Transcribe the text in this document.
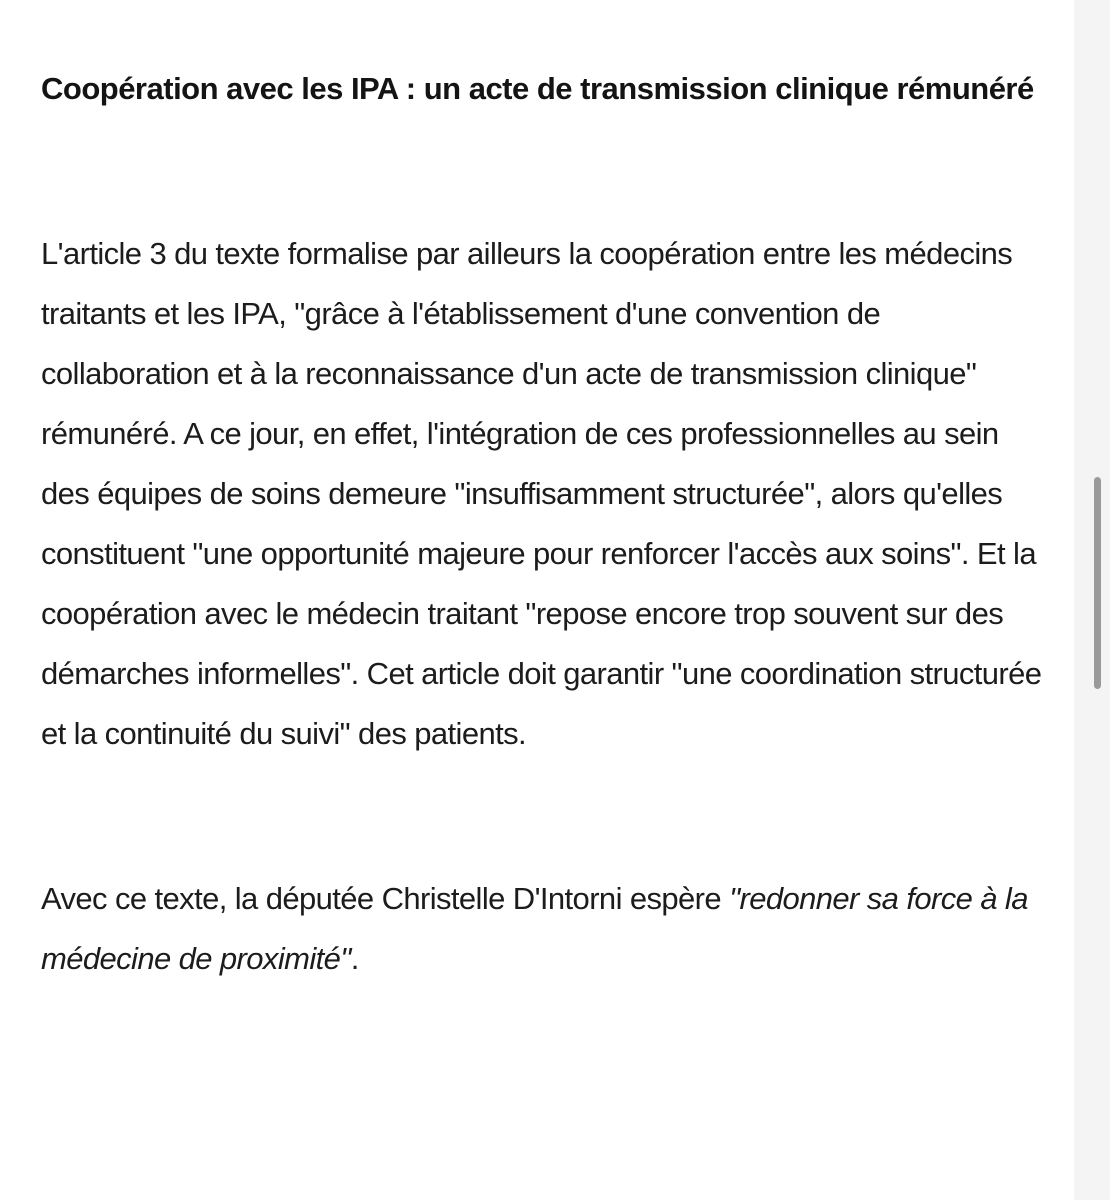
Coopération avec les IPA : un acte de transmission clinique rémunéré

L'article 3 du texte formalise par ailleurs la coopération entre les médecins traitants et les IPA, "grâce à l'établissement d'une convention de collaboration et à la reconnaissance d'un acte de transmission clinique" rémunéré. A ce jour, en effet, l'intégration de ces professionnelles au sein des équipes de soins demeure "insuffisamment structurée", alors qu'elles constituent "une opportunité majeure pour renforcer l'accès aux soins". Et la coopération avec le médecin traitant "repose encore trop souvent sur des démarches informelles". Cet article doit garantir "une coordination structurée et la continuité du suivi" des patients.

Avec ce texte, la députée Christelle D'Intorni espère "redonner sa force à la médecine de proximité".
